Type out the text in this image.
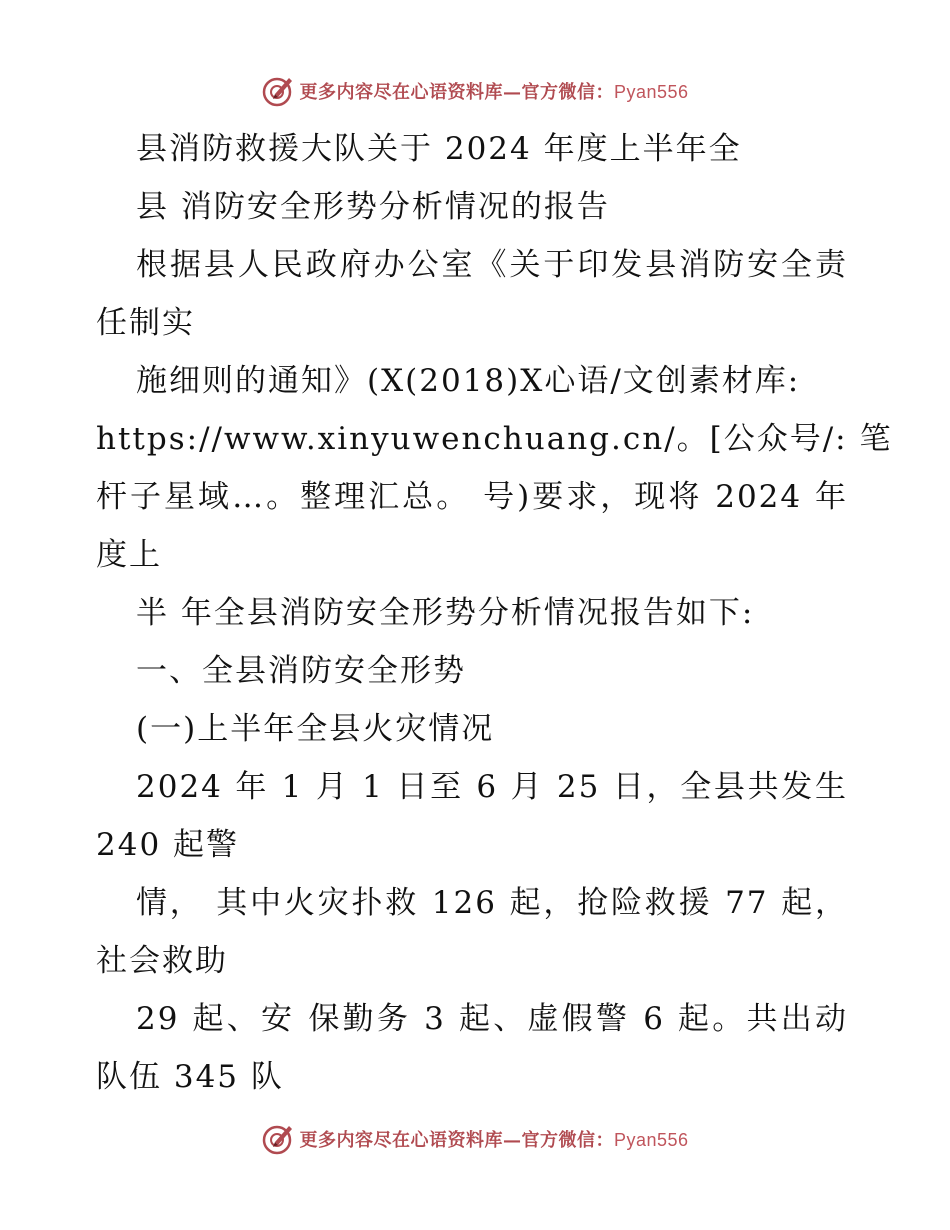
更多内容尽在心语资料库—官方微信：Pyan556
县消防救援大队关于 2024 年度上半年全
县 消防安全形势分析情况的报告
根据县人民政府办公室《关于印发县消防安全责
任制实
施细则的通知》(X(2018)X心语/文创素材库:
https://www.xinyuwenchuang.cn/。[公众号/: 笔
杆子星域…。整理汇总。 号)要求，现将 2024 年
度上
半 年全县消防安全形势分析情况报告如下:
一、全县消防安全形势
(一)上半年全县火灾情况
2024 年 1 月 1 日至 6 月 25 日，全县共发生
240 起警
情， 其中火灾扑救 126 起，抢险救援 77 起，
社会救助
29 起、安 保勤务 3 起、虚假警 6 起。共出动
队伍 345 队
更多内容尽在心语资料库—官方微信：Pyan556
